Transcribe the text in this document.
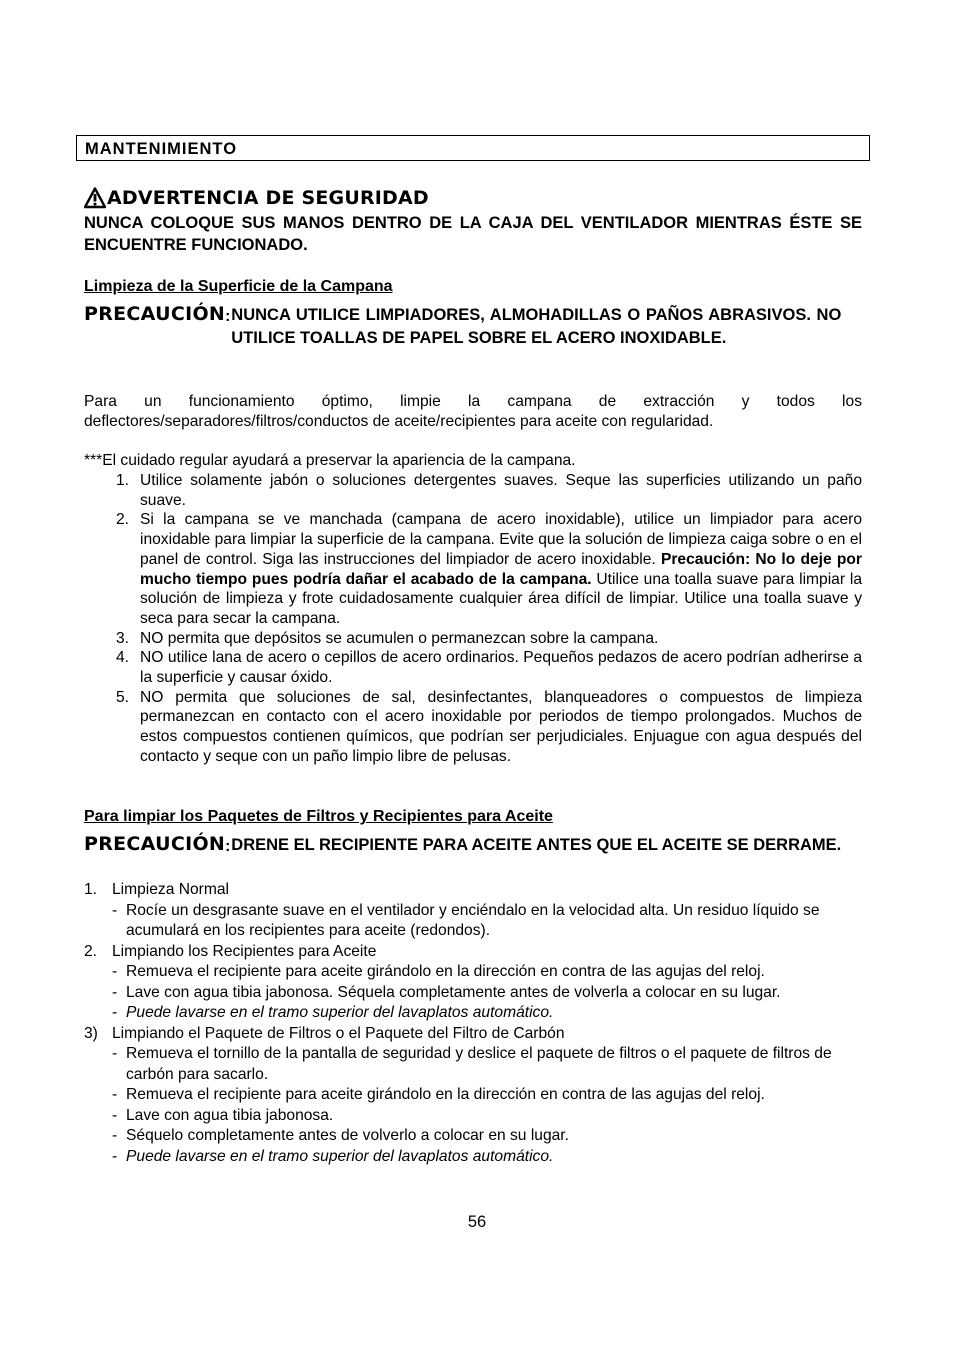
MANTENIMIENTO
ADVERTENCIA DE SEGURIDAD
NUNCA COLOQUE SUS MANOS DENTRO DE LA CAJA DEL VENTILADOR MIENTRAS ÉSTE SE ENCUENTRE FUNCIONADO.
Limpieza de la Superficie de la Campana
PRECAUCIÓN : NUNCA UTILICE LIMPIADORES, ALMOHADILLAS O PAÑOS ABRASIVOS. NO UTILICE TOALLAS DE PAPEL SOBRE EL ACERO INOXIDABLE.
Para un funcionamiento óptimo, limpie la campana de extracción y todos los deflectores/separadores/filtros/conductos de aceite/recipientes para aceite con regularidad.
***El cuidado regular ayudará a preservar la apariencia de la campana.
1. Utilice solamente jabón o soluciones detergentes suaves. Seque las superficies utilizando un paño suave.
2. Si la campana se ve manchada (campana de acero inoxidable), utilice un limpiador para acero inoxidable para limpiar la superficie de la campana. Evite que la solución de limpieza caiga sobre o en el panel de control. Siga las instrucciones del limpiador de acero inoxidable. Precaución: No lo deje por mucho tiempo pues podría dañar el acabado de la campana. Utilice una toalla suave para limpiar la solución de limpieza y frote cuidadosamente cualquier área difícil de limpiar. Utilice una toalla suave y seca para secar la campana.
3. NO permita que depósitos se acumulen o permanezcan sobre la campana.
4. NO utilice lana de acero o cepillos de acero ordinarios. Pequeños pedazos de acero podrían adherirse a la superficie y causar óxido.
5. NO permita que soluciones de sal, desinfectantes, blanqueadores o compuestos de limpieza permanezcan en contacto con el acero inoxidable por periodos de tiempo prolongados. Muchos de estos compuestos contienen químicos, que podrían ser perjudiciales. Enjuague con agua después del contacto y seque con un paño limpio libre de pelusas.
Para limpiar los Paquetes de Filtros y Recipientes para Aceite
PRECAUCIÓN : DRENE EL RECIPIENTE PARA ACEITE ANTES QUE EL ACEITE SE DERRAME.
1. Limpieza Normal
- Rocíe un desgrasante suave en el ventilador y enciéndalo en la velocidad alta. Un residuo líquido se acumulará en los recipientes para aceite (redondos).
2. Limpiando los Recipientes para Aceite
- Remueva el recipiente para aceite girándolo en la dirección en contra de las agujas del reloj.
- Lave con agua tibia jabonosa. Séquela completamente antes de volverla a colocar en su lugar.
- Puede lavarse en el tramo superior del lavaplatos automático.
3) Limpiando el Paquete de Filtros o el Paquete del Filtro de Carbón
- Remueva el tornillo de la pantalla de seguridad y deslice el paquete de filtros o el paquete de filtros de carbón para sacarlo.
- Remueva el recipiente para aceite girándolo en la dirección en contra de las agujas del reloj.
- Lave con agua tibia jabonosa.
- Séquelo completamente antes de volverlo a colocar en su lugar.
- Puede lavarse en el tramo superior del lavaplatos automático.
56
